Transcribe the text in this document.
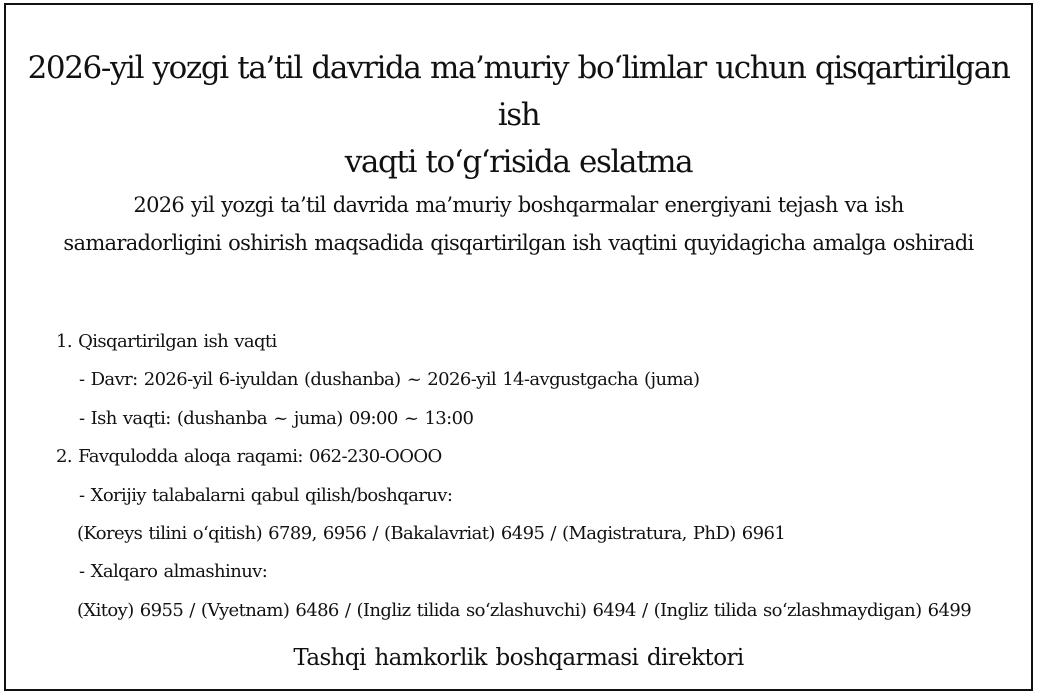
2026-yil yozgi ta’til davrida ma’muriy bo‘limlar uchun qisqartirilgan ish
vaqti to‘g‘risida eslatma
2026 yil yozgi ta’til davrida ma’muriy boshqarmalar energiyani tejash va ish
samaradorligini oshirish maqsadida qisqartirilgan ish vaqtini quyidagicha amalga oshiradi
1. Qisqartirilgan ish vaqti
- Davr: 2026-yil 6-iyuldan (dushanba) ~ 2026-yil 14-avgustgacha (juma)
- Ish vaqti: (dushanba ~ juma) 09:00 ~ 13:00
2. Favqulodda aloqa raqami: 062-230-OOOO
- Xorijiy talabalarni qabul qilish/boshqaruv:
(Koreys tilini o‘qitish) 6789, 6956 / (Bakalavriat) 6495 / (Magistratura, PhD) 6961
- Xalqaro almashinuv:
(Xitoy) 6955 / (Vyetnam) 6486 / (Ingliz tilida so‘zlashuvchi) 6494 / (Ingliz tilida so‘zlashmaydigan) 6499
Tashqi hamkorlik boshqarmasi direktori
